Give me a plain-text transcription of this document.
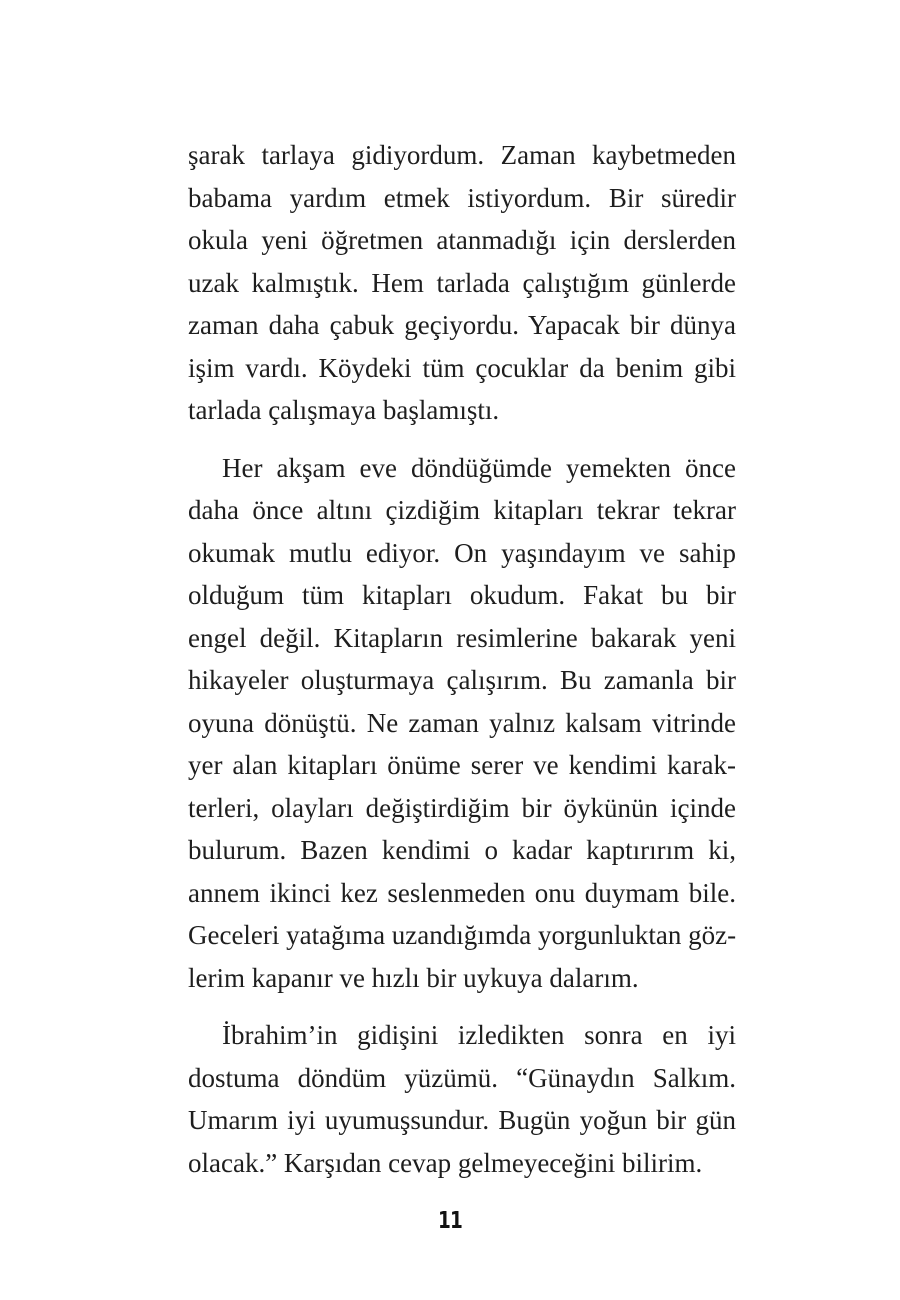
şarak tarlaya gidiyordum. Zaman kaybetmeden
babama yardım etmek istiyordum. Bir süredir
okula yeni öğretmen atanmadığı için derslerden
uzak kalmıştık. Hem tarlada çalıştığım günlerde
zaman daha çabuk geçiyordu. Yapacak bir dünya
işim vardı. Köydeki tüm çocuklar da benim gibi
tarlada çalışmaya başlamıştı.

Her akşam eve döndüğümde yemekten önce
daha önce altını çizdiğim kitapları tekrar tekrar
okumak mutlu ediyor. On yaşındayım ve sahip
olduğum tüm kitapları okudum. Fakat bu bir
engel değil. Kitapların resimlerine bakarak yeni
hikayeler oluşturmaya çalışırım. Bu zamanla bir
oyuna dönüştü. Ne zaman yalnız kalsam vitrinde
yer alan kitapları önüme serer ve kendimi karak-
terleri, olayları değiştirdiğim bir öykünün içinde
bulurum. Bazen kendimi o kadar kaptırırım ki,
annem ikinci kez seslenmeden onu duymam bile.
Geceleri yatağıma uzandığımda yorgunluktan göz-
lerim kapanır ve hızlı bir uykuya dalarım.

İbrahim’in gidişini izledikten sonra en iyi
dostuma döndüm yüzümü. “Günaydın Salkım.
Umarım iyi uyumuşsundur. Bugün yoğun bir gün
olacak.” Karşıdan cevap gelmeyeceğini bilirim.

11
